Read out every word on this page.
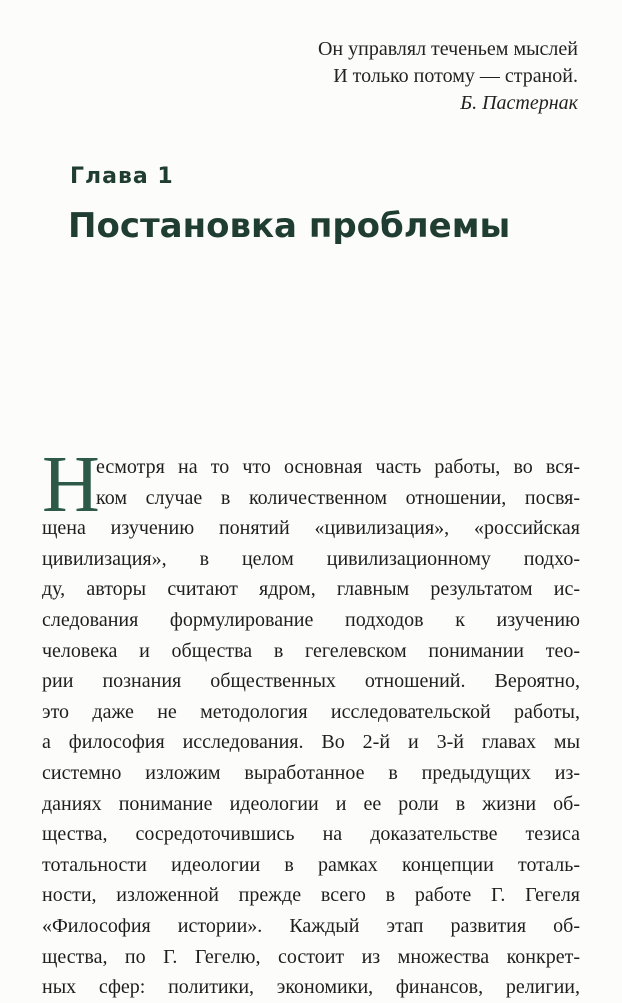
Он управлял теченьем мыслей
И только потому — страной.
Б. Пастернак
Глава 1
Постановка проблемы
Н
есмотря на то что основная часть работы, во вся-
ком случае в количественном отношении, посвя-
щена изучению понятий «цивилизация», «российская
цивилизация», в целом цивилизационному подхо-
ду, авторы считают ядром, главным результатом ис-
следования формулирование подходов к изучению
человека и общества в гегелевском понимании тео-
рии познания общественных отношений. Вероятно,
это даже не методология исследовательской работы,
а философия исследования. Во 2-й и 3-й главах мы
системно изложим выработанное в предыдущих из-
даниях понимание идеологии и ее роли в жизни об-
щества, сосредоточившись на доказательстве тезиса
тотальности идеологии в рамках концепции тоталь-
ности, изложенной прежде всего в работе Г. Гегеля
«Философия истории». Каждый этап развития об-
щества, по Г. Гегелю, состоит из множества конкрет-
ных сфер: политики, экономики, финансов, религии,
